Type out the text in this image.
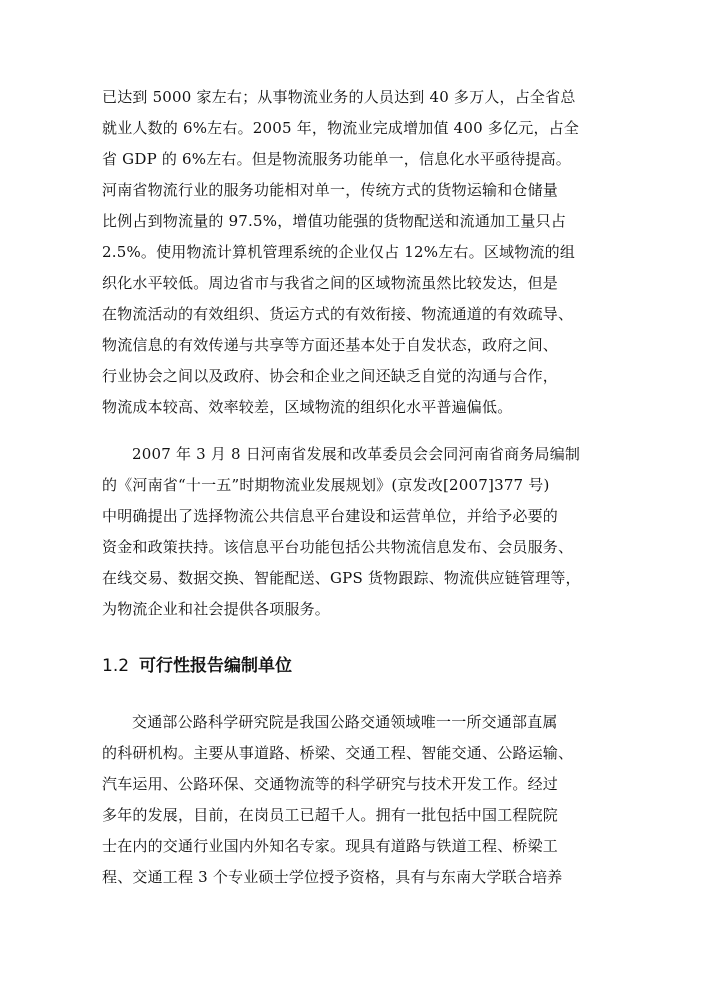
已达到 5000 家左右；从事物流业务的人员达到 40 多万人，占全省总
就业人数的 6%左右。2005 年，物流业完成增加值 400 多亿元，占全
省 GDP 的 6%左右。但是物流服务功能单一，信息化水平亟待提高。
河南省物流行业的服务功能相对单一，传统方式的货物运输和仓储量
比例占到物流量的 97.5%，增值功能强的货物配送和流通加工量只占
2.5%。使用物流计算机管理系统的企业仅占 12%左右。区域物流的组
织化水平较低。周边省市与我省之间的区域物流虽然比较发达，但是
在物流活动的有效组织、货运方式的有效衔接、物流通道的有效疏导、
物流信息的有效传递与共享等方面还基本处于自发状态，政府之间、
行业协会之间以及政府、协会和企业之间还缺乏自觉的沟通与合作，
物流成本较高、效率较差，区域物流的组织化水平普遍偏低。
2007 年 3 月 8 日河南省发展和改革委员会会同河南省商务局编制
的《河南省“十一五”时期物流业发展规划》(京发改[2007]377 号)
中明确提出了选择物流公共信息平台建设和运营单位，并给予必要的
资金和政策扶持。该信息平台功能包括公共物流信息发布、会员服务、
在线交易、数据交换、智能配送、GPS 货物跟踪、物流供应链管理等，
为物流企业和社会提供各项服务。
1.2 可行性报告编制单位
交通部公路科学研究院是我国公路交通领域唯一一所交通部直属
的科研机构。主要从事道路、桥梁、交通工程、智能交通、公路运输、
汽车运用、公路环保、交通物流等的科学研究与技术开发工作。经过
多年的发展，目前，在岗员工已超千人。拥有一批包括中国工程院院
士在内的交通行业国内外知名专家。现具有道路与铁道工程、桥梁工
程、交通工程 3 个专业硕士学位授予资格，具有与东南大学联合培养
